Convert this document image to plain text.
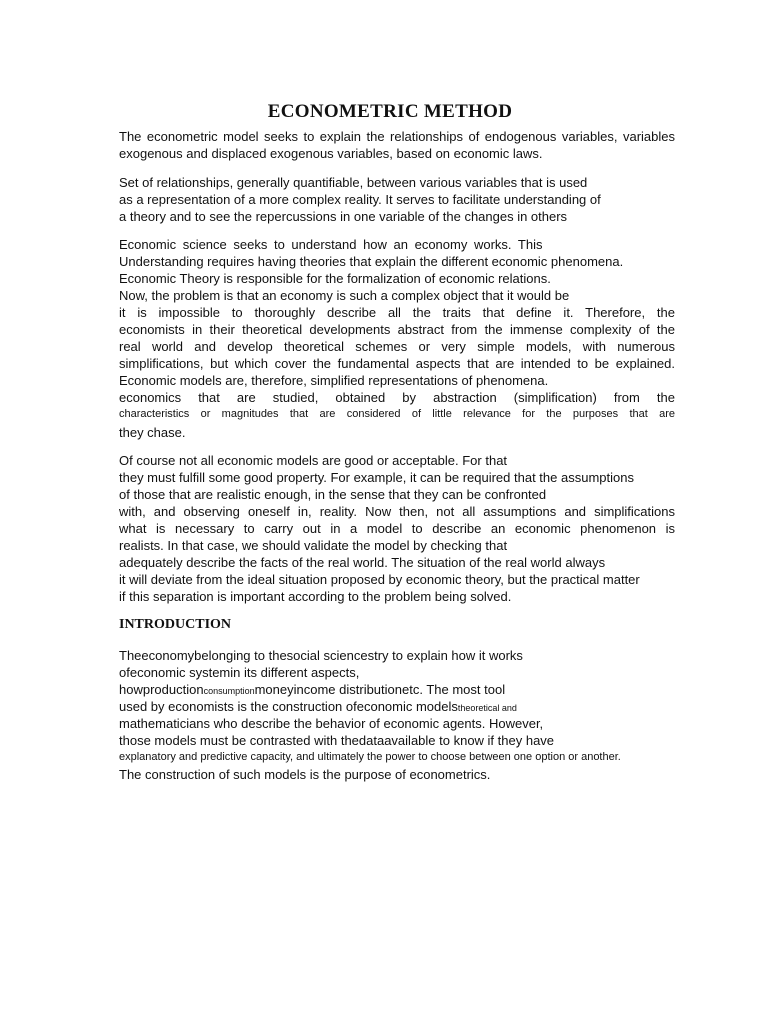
ECONOMETRIC METHOD
The econometric model seeks to explain the relationships of endogenous variables, variables
exogenous and displaced exogenous variables, based on economic laws.
Set of relationships, generally quantifiable, between various variables that is used
as a representation of a more complex reality. It serves to facilitate understanding of
a theory and to see the repercussions in one variable of the changes in others
Economic science seeks to understand how an economy works. This
Understanding requires having theories that explain the different economic phenomena.
Economic Theory is responsible for the formalization of economic relations.
Now, the problem is that an economy is such a complex object that it would be
it is impossible to thoroughly describe all the traits that define it. Therefore, the
economists in their theoretical developments abstract from the immense complexity of the
real world and develop theoretical schemes or very simple models, with numerous
simplifications, but which cover the fundamental aspects that are intended to be explained.
Economic models are, therefore, simplified representations of phenomena.
economics that are studied, obtained by abstraction (simplification) from the
characteristics or magnitudes that are considered of little relevance for the purposes that are
they chase.
Of course not all economic models are good or acceptable. For that
they must fulfill some good property. For example, it can be required that the assumptions
of those that are realistic enough, in the sense that they can be confronted
with, and observing oneself in, reality. Now then, not all assumptions and simplifications
what is necessary to carry out in a model to describe an economic phenomenon is
realists. In that case, we should validate the model by checking that
adequately describe the facts of the real world. The situation of the real world always
it will deviate from the ideal situation proposed by economic theory, but the practical matter
if this separation is important according to the problem being solved.
INTRODUCTION
Theeconomybelonging to thesocial sciencestry to explain how it works
ofeconomic systemin its different aspects,
howproductionconsumptionmoneyincome distributionetc. The most tool
used by economists is the construction ofeconomic modelstheoretical and
mathematicians who describe the behavior of economic agents. However,
those models must be contrasted with thedataavailable to know if they have
explanatory and predictive capacity, and ultimately the power to choose between one option or another.
The construction of such models is the purpose of econometrics.
